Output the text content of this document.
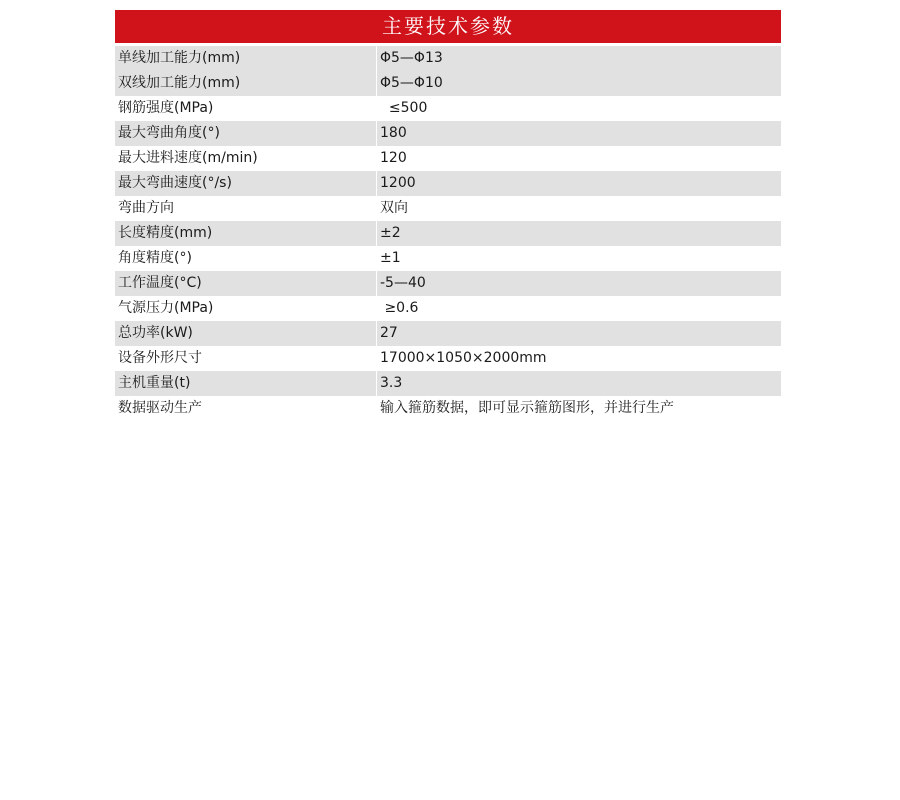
主要技术参数
单线加工能力(mm)	Φ5—Φ13
双线加工能力(mm)	Φ5—Φ10
钢筋强度(MPa)	≤500
最大弯曲角度(°)	180
最大进料速度(m/min)	120
最大弯曲速度(°/s)	1200
弯曲方向	双向
长度精度(mm)	±2
角度精度(°)	±1
工作温度(°C)	-5—40
气源压力(MPa)	≥0.6
总功率(kW)	27
设备外形尺寸	17000×1050×2000mm
主机重量(t)	3.3
数据驱动生产	输入箍筋数据，即可显示箍筋图形，并进行生产
